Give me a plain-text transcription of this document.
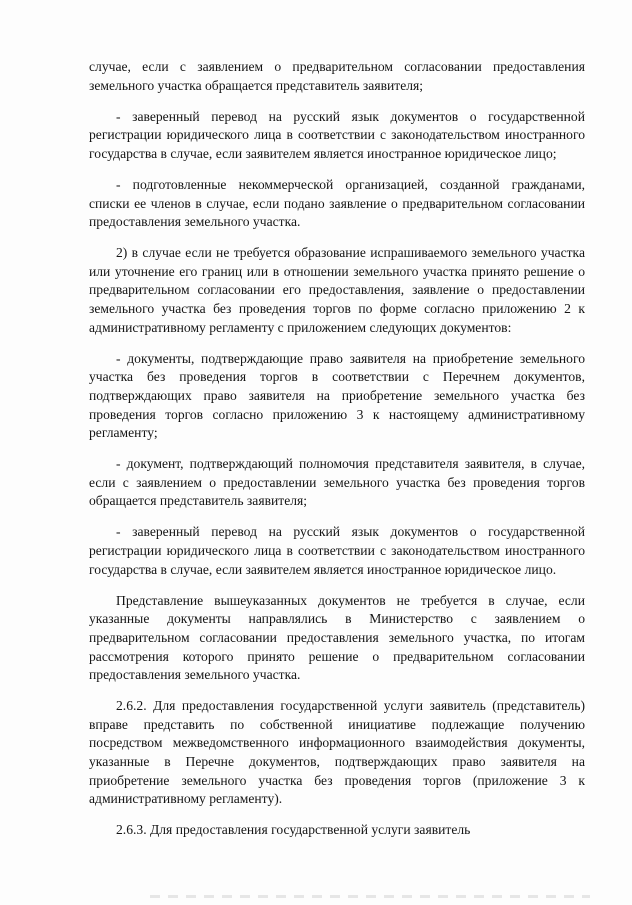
случае, если с заявлением о предварительном согласовании предоставления земельного участка обращается представитель заявителя;

- заверенный перевод на русский язык документов о государственной регистрации юридического лица в соответствии с законодательством иностранного государства в случае, если заявителем является иностранное юридическое лицо;

- подготовленные некоммерческой организацией, созданной гражданами, списки ее членов в случае, если подано заявление о предварительном согласовании предоставления земельного участка.

2) в случае если не требуется образование испрашиваемого земельного участка или уточнение его границ или в отношении земельного участка принято решение о предварительном согласовании его предоставления, заявление о предоставлении земельного участка без проведения торгов по форме согласно приложению 2 к административному регламенту с приложением следующих документов:

- документы, подтверждающие право заявителя на приобретение земельного участка без проведения торгов в соответствии с Перечнем документов, подтверждающих право заявителя на приобретение земельного участка без проведения торгов согласно приложению 3 к настоящему административному регламенту;

- документ, подтверждающий полномочия представителя заявителя, в случае, если с заявлением о предоставлении земельного участка без проведения торгов обращается представитель заявителя;

- заверенный перевод на русский язык документов о государственной регистрации юридического лица в соответствии с законодательством иностранного государства в случае, если заявителем является иностранное юридическое лицо.

Представление вышеуказанных документов не требуется в случае, если указанные документы направлялись в Министерство с заявлением о предварительном согласовании предоставления земельного участка, по итогам рассмотрения которого принято решение о предварительном согласовании предоставления земельного участка.

2.6.2. Для предоставления государственной услуги заявитель (представитель) вправе представить по собственной инициативе подлежащие получению посредством межведомственного информационного взаимодействия документы, указанные в Перечне документов, подтверждающих право заявителя на приобретение земельного участка без проведения торгов (приложение 3 к административному регламенту).

2.6.3. Для предоставления государственной услуги заявитель
